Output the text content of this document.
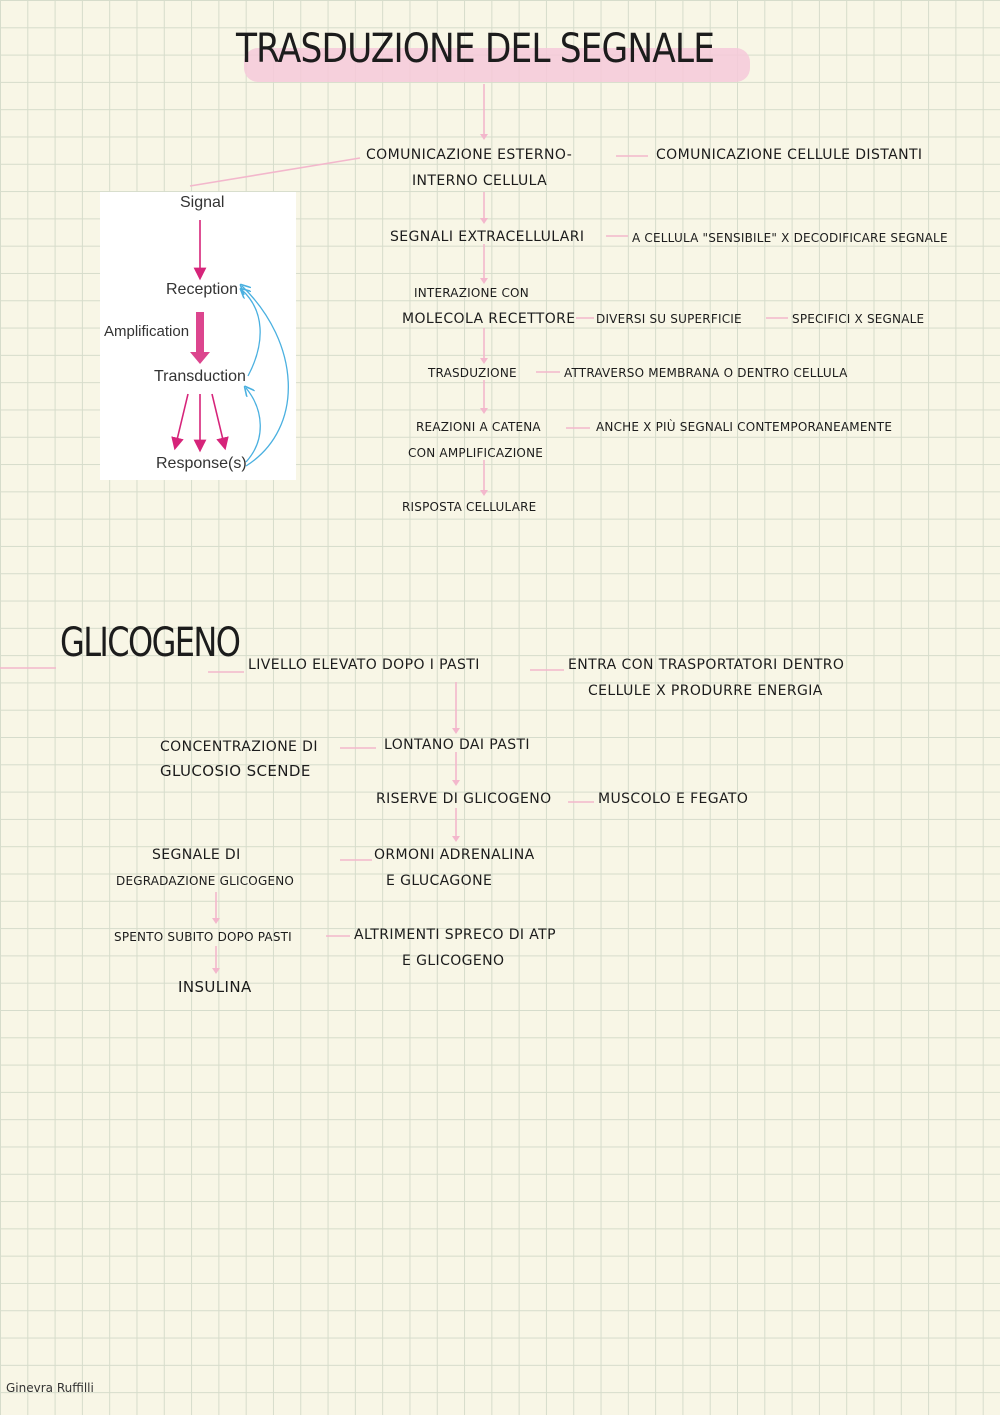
TRASDUZIONE DEL SEGNALE
COMUNICAZIONE ESTERNO-
INTERNO CELLULA
COMUNICAZIONE CELLULE DISTANTI
SEGNALI EXTRACELLULARI	A CELLULA "SENSIBILE" X DECODIFICARE SEGNALE
INTERAZIONE CON
MOLECOLA RECETTORE DIVERSI SU SUPERFICIE	SPECIFICI X SEGNALE
TRASDUZIONE	ATTRAVERSO MEMBRANA O DENTRO CELLULA
REAZIONI A CATENA
CON AMPLIFICAZIONE
ANCHE X PIÙ SEGNALI CONTEMPORANEAMENTE
RISPOSTA CELLULARE
Signal
Reception
Amplification
Transduction
Response(s)
GLICOGENO LIVELLO ELEVATO DOPO I PASTI	ENTRA CON TRASPORTATORI DENTRO
CELLULE X PRODURRE ENERGIA
LONTANO DAI PASTI
CONCENTRAZIONE DI
GLUCOSIO SCENDE
RISERVE DI GLICOGENO	MUSCOLO E FEGATO
ORMONI ADRENALINA
E GLUCAGONE
SEGNALE DI
DEGRADAZIONE GLICOGENO
SPENTO SUBITO DOPO PASTI	ALTRIMENTI SPRECO DI ATP
E GLICOGENO
INSULINA
Ginevra Ruffilli
